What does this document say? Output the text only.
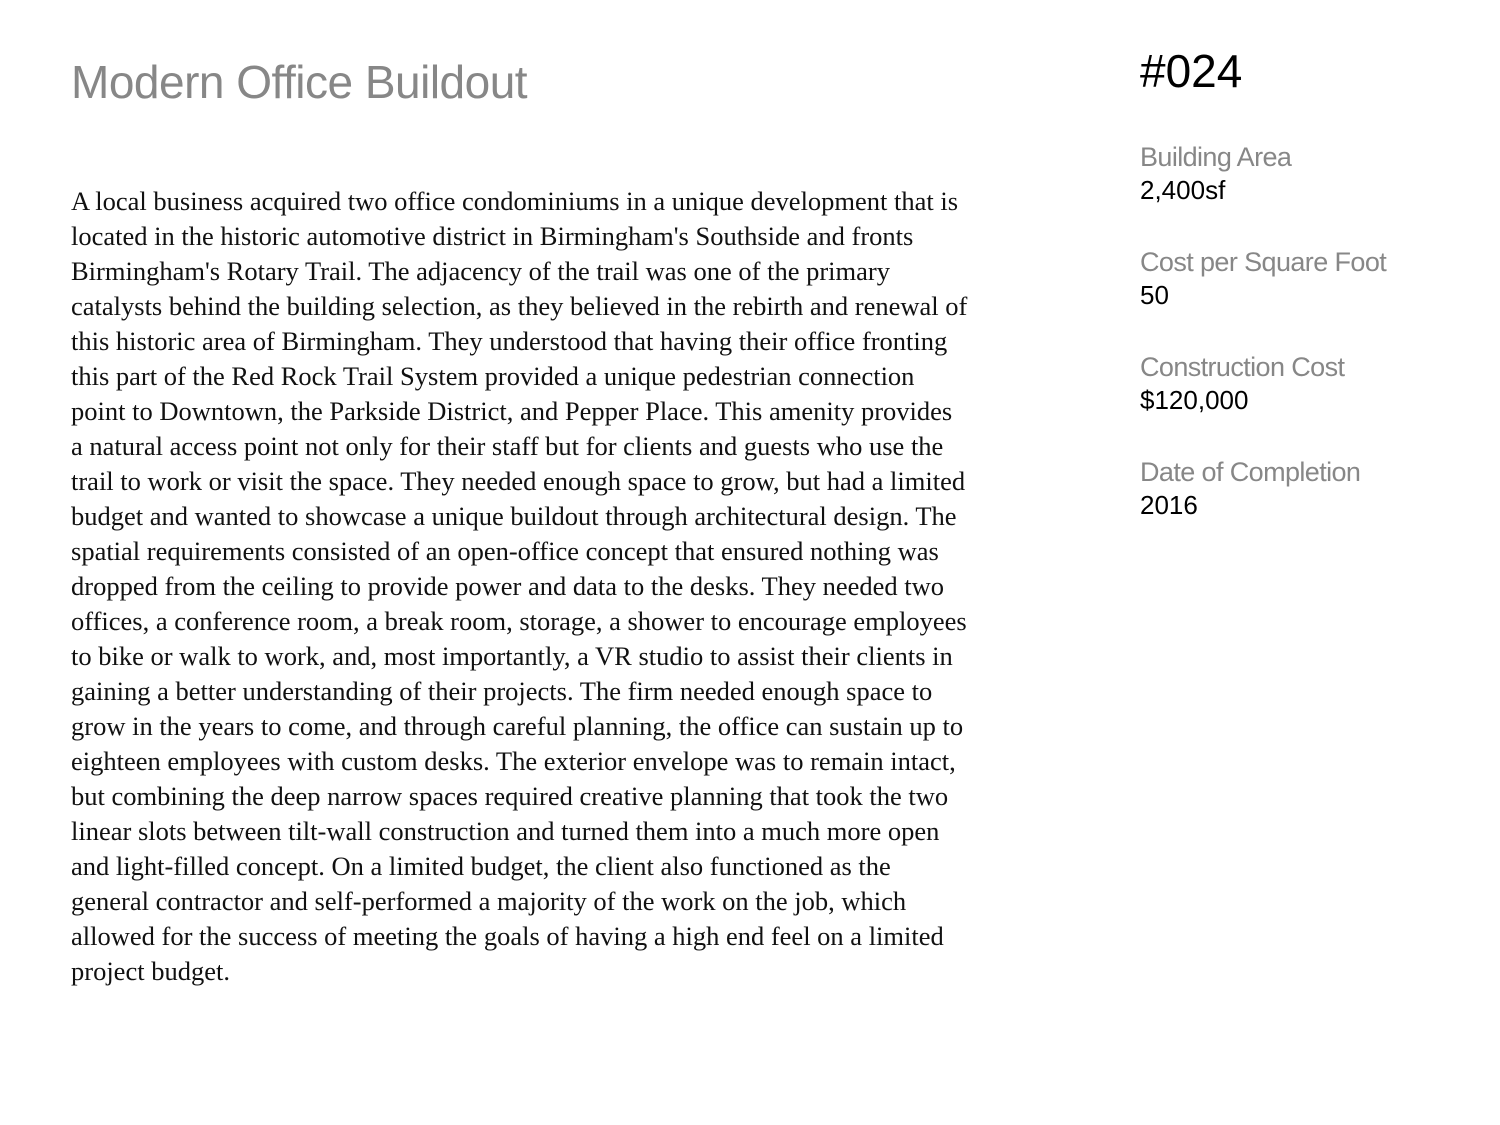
Modern Office Buildout
A local business acquired two office condominiums in a unique development that is
located in the historic automotive district in Birmingham's Southside and fronts
Birmingham's Rotary Trail. The adjacency of the trail was one of the primary
catalysts behind the building selection, as they believed in the rebirth and renewal of
this historic area of Birmingham. They understood that having their office fronting
this part of the Red Rock Trail System provided a unique pedestrian connection
point to Downtown, the Parkside District, and Pepper Place. This amenity provides
a natural access point not only for their staff but for clients and guests who use the
trail to work or visit the space. They needed enough space to grow, but had a limited
budget and wanted to showcase a unique buildout through architectural design. The
spatial requirements consisted of an open-office concept that ensured nothing was
dropped from the ceiling to provide power and data to the desks. They needed two
offices, a conference room, a break room, storage, a shower to encourage employees
to bike or walk to work, and, most importantly, a VR studio to assist their clients in
gaining a better understanding of their projects. The firm needed enough space to
grow in the years to come, and through careful planning, the office can sustain up to
eighteen employees with custom desks. The exterior envelope was to remain intact,
but combining the deep narrow spaces required creative planning that took the two
linear slots between tilt-wall construction and turned them into a much more open
and light-filled concept. On a limited budget, the client also functioned as the
general contractor and self-performed a majority of the work on the job, which
allowed for the success of meeting the goals of having a high end feel on a limited
project budget.
#024
Building Area
2,400sf
Cost per Square Foot
50
Construction Cost
$120,000
Date of Completion
2016
